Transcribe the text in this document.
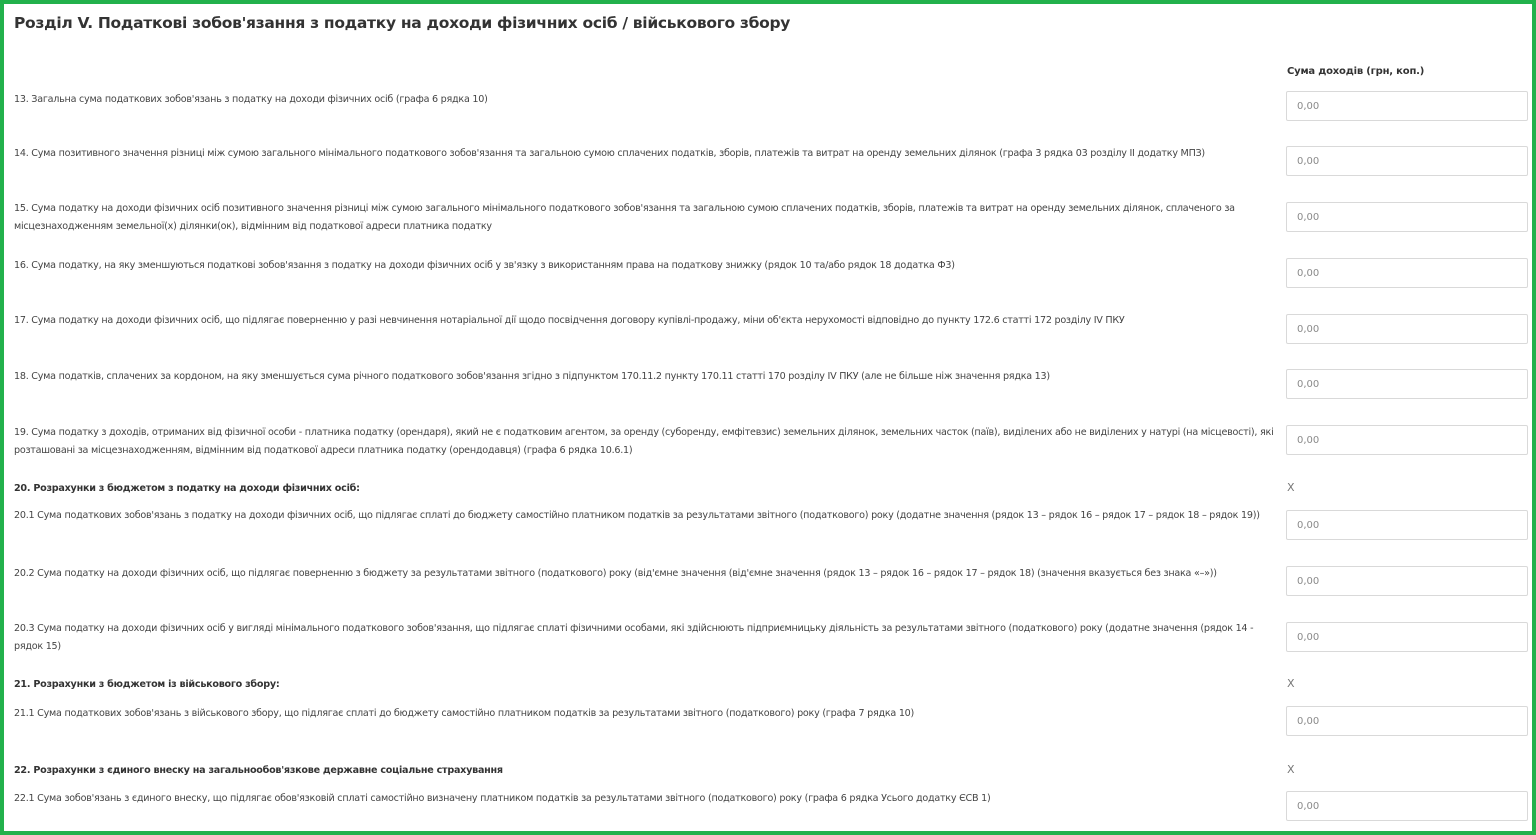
Розділ V. Податкові зобов'язання з податку на доходи фізичних осіб / військового збору
Сума доходів (грн, коп.)
13. Загальна сума податкових зобов'язань з податку на доходи фізичних осіб (графа 6 рядка 10)
0,00
14. Сума позитивного значення різниці між сумою загального мінімального податкового зобов'язання та загальною сумою сплачених податків, зборів, платежів та витрат на оренду земельних ділянок (графа 3 рядка 03 розділу II додатку МПЗ)
0,00
15. Сума податку на доходи фізичних осіб позитивного значення різниці між сумою загального мінімального податкового зобов'язання та загальною сумою сплачених податків, зборів, платежів та витрат на оренду земельних ділянок, сплаченого за місцезнаходженням земельної(х) ділянки(ок), відмінним від податкової адреси платника податку
0,00
16. Сума податку, на яку зменшуються податкові зобов'язання з податку на доходи фізичних осіб у зв'язку з використанням права на податкову знижку (рядок 10 та/або рядок 18 додатка Ф3)
0,00
17. Сума податку на доходи фізичних осіб, що підлягає поверненню у разі невчинення нотаріальної дії щодо посвідчення договору купівлі-продажу, міни об'єкта нерухомості відповідно до пункту 172.6 статті 172 розділу IV ПКУ
0,00
18. Сума податків, сплачених за кордоном, на яку зменшується сума річного податкового зобов'язання згідно з підпунктом 170.11.2 пункту 170.11 статті 170 розділу IV ПКУ (але не більше ніж значення рядка 13)
0,00
19. Сума податку з доходів, отриманих від фізичної особи - платника податку (орендаря), який не є податковим агентом, за оренду (суборенду, емфітевзис) земельних ділянок, земельних часток (паїв), виділених або не виділених у натурі (на місцевості), які розташовані за місцезнаходженням, відмінним від податкової адреси платника податку (орендодавця) (графа 6 рядка 10.6.1)
0,00
20. Розрахунки з бюджетом з податку на доходи фізичних осіб:	X
20.1 Сума податкових зобов'язань з податку на доходи фізичних осіб, що підлягає сплаті до бюджету самостійно платником податків за результатами звітного (податкового) року (додатне значення (рядок 13 – рядок 16 – рядок 17 – рядок 18 – рядок 19))
0,00
20.2 Сума податку на доходи фізичних осіб, що підлягає поверненню з бюджету за результатами звітного (податкового) року (від'ємне значення (від'ємне значення (рядок 13 – рядок 16 – рядок 17 – рядок 18) (значення вказується без знака «–»))
0,00
20.3 Сума податку на доходи фізичних осіб у вигляді мінімального податкового зобов'язання, що підлягає сплаті фізичними особами, які здійснюють підприємницьку діяльність за результатами звітного (податкового) року (додатне значення (рядок 14 - рядок 15)
0,00
21. Розрахунки з бюджетом із військового збору:	X
21.1 Сума податкових зобов'язань з військового збору, що підлягає сплаті до бюджету самостійно платником податків за результатами звітного (податкового) року (графа 7 рядка 10)
0,00
22. Розрахунки з єдиного внеску на загальнообов'язкове державне соціальне страхування	X
22.1 Сума зобов'язань з єдиного внеску, що підлягає обов'язковій сплаті самостійно визначену платником податків за результатами звітного (податкового) року (графа 6 рядка Усього додатку ЄСВ 1)
0,00
